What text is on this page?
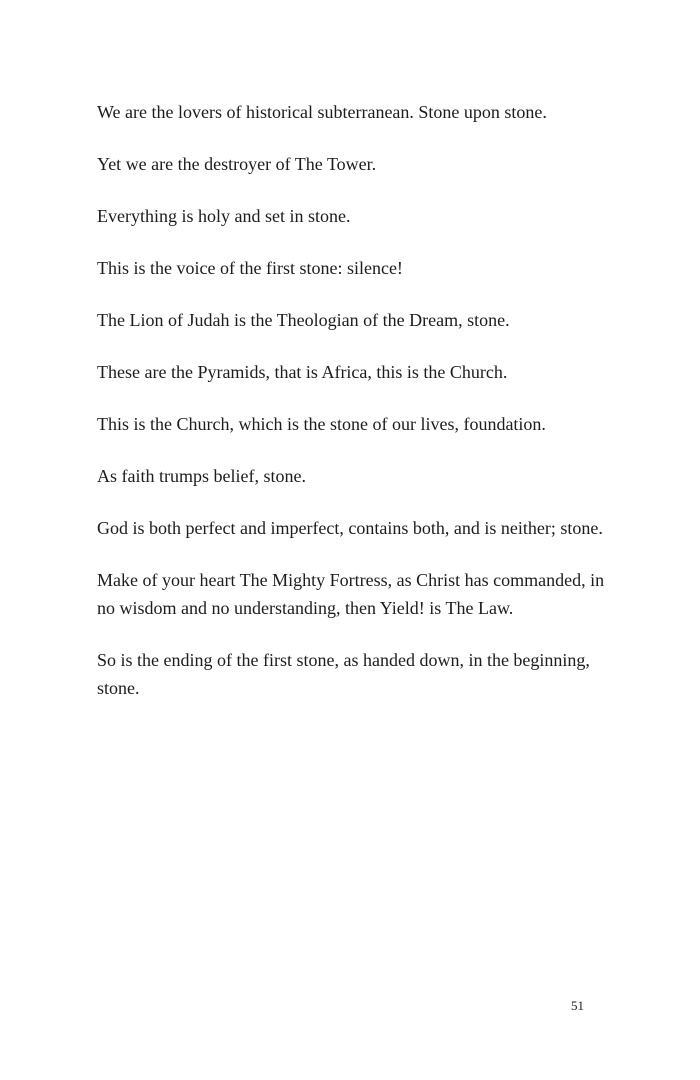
We are the lovers of historical subterranean. Stone upon stone.

Yet we are the destroyer of The Tower.

Everything is holy and set in stone.

This is the voice of the first stone: silence!

The Lion of Judah is the Theologian of the Dream, stone.

These are the Pyramids, that is Africa, this is the Church.

This is the Church, which is the stone of our lives, foundation.

As faith trumps belief, stone.

God is both perfect and imperfect, contains both, and is neither; stone.

Make of your heart The Mighty Fortress, as Christ has commanded, in no wisdom and no understanding, then Yield! is The Law.

So is the ending of the first stone, as handed down, in the beginning, stone.

51
